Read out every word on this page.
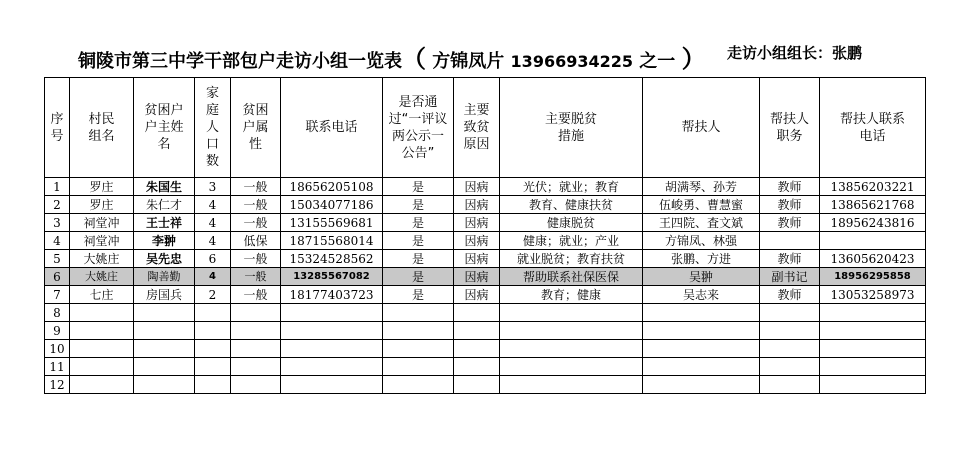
铜陵市第三中学干部包户走访小组一览表（ 方锦凤片 13966934225 之一 ） 走访小组组长：张鹏
序号	村民组名	贫困户户主姓名	家庭人口数	贫困户属性	联系电话	是否通过“一评议两公示一公告”	主要致贫原因	主要脱贫措施	帮扶人	帮扶人职务	帮扶人联系电话
1	罗庄	朱国生	3	一般	18656205108	是	因病	光伏；就业；教育	胡满琴、孙芳	教师	13856203221
2	罗庄	朱仁才	4	一般	15034077186	是	因病	教育、健康扶贫	伍峻勇、曹慧蜜	教师	13865621768
3	祠堂冲	王士祥	4	一般	13155569681	是	因病	健康脱贫	王四院、査文斌	教师	18956243816
4	祠堂冲	李翀	4	低保	18715568014	是	因病	健康；就业；产业	方锦凤、林强		
5	大姚庄	吴先忠	6	一般	15324528562	是	因病	就业脱贫；教育扶贫	张鹏、方进	教师	13605620423
6	大姚庄	陶善勤	4	一般	13285567082	是	因病	帮助联系社保医保	吴翀	副书记	18956295858
7	七庄	房国兵	2	一般	18177403723	是	因病	教育；健康	吴志来	教师	13053258973
8											
9											
10											
11											
12											
